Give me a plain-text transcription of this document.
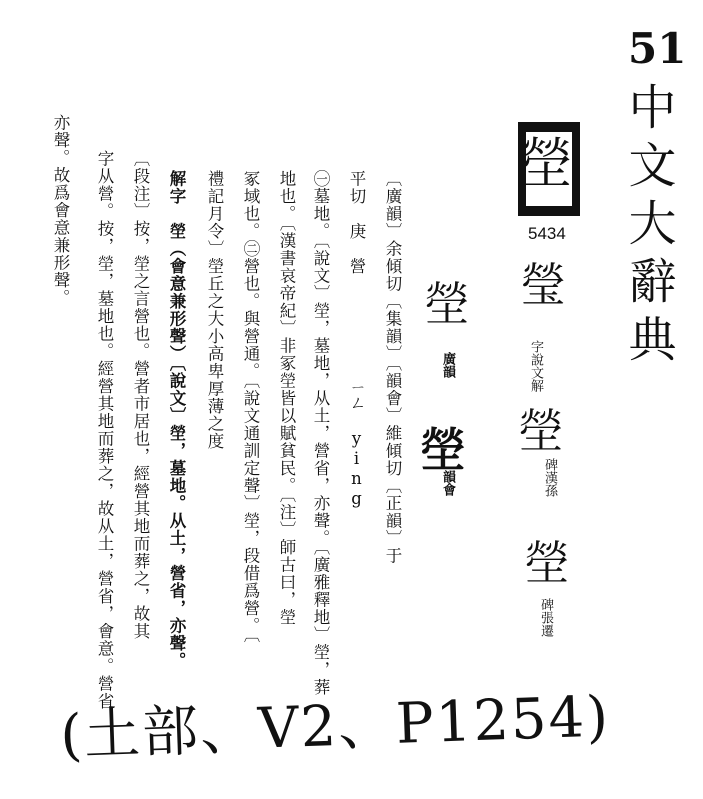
51
中文大辭典
塋
5434
瑩
字說文解
塋
碑漢孫
塋
碑張遷
塋
廣韻
塋
韻會
〔廣韻〕余傾切〔集韻〕〔韻會〕維傾切〔正韻〕于
平切　庚　營　　　　　　ㄧㄥ　ying
㊀墓地。〔說文〕塋，墓地，从土，營省，亦聲。〔廣雅釋地〕塋，葬
地也。〔漢書哀帝紀〕非冢塋皆以賦貧民。〔注〕師古曰，塋
冢域也。㊁營也。與營通。〔說文通訓定聲〕塋，段借爲營。〔
禮記月令〕塋丘之大小高卑厚薄之度
解字　塋（會意兼形聲）〔說文〕塋，墓地。从土，營省，亦聲。
〔段注〕按，塋之言營也。營者市居也，經營其地而葬之，故其
字从營。按，塋，墓地也。經營其地而葬之，故从土，營省，會意。營省
亦聲。故爲會意兼形聲。
(土部、V2、P1254)
